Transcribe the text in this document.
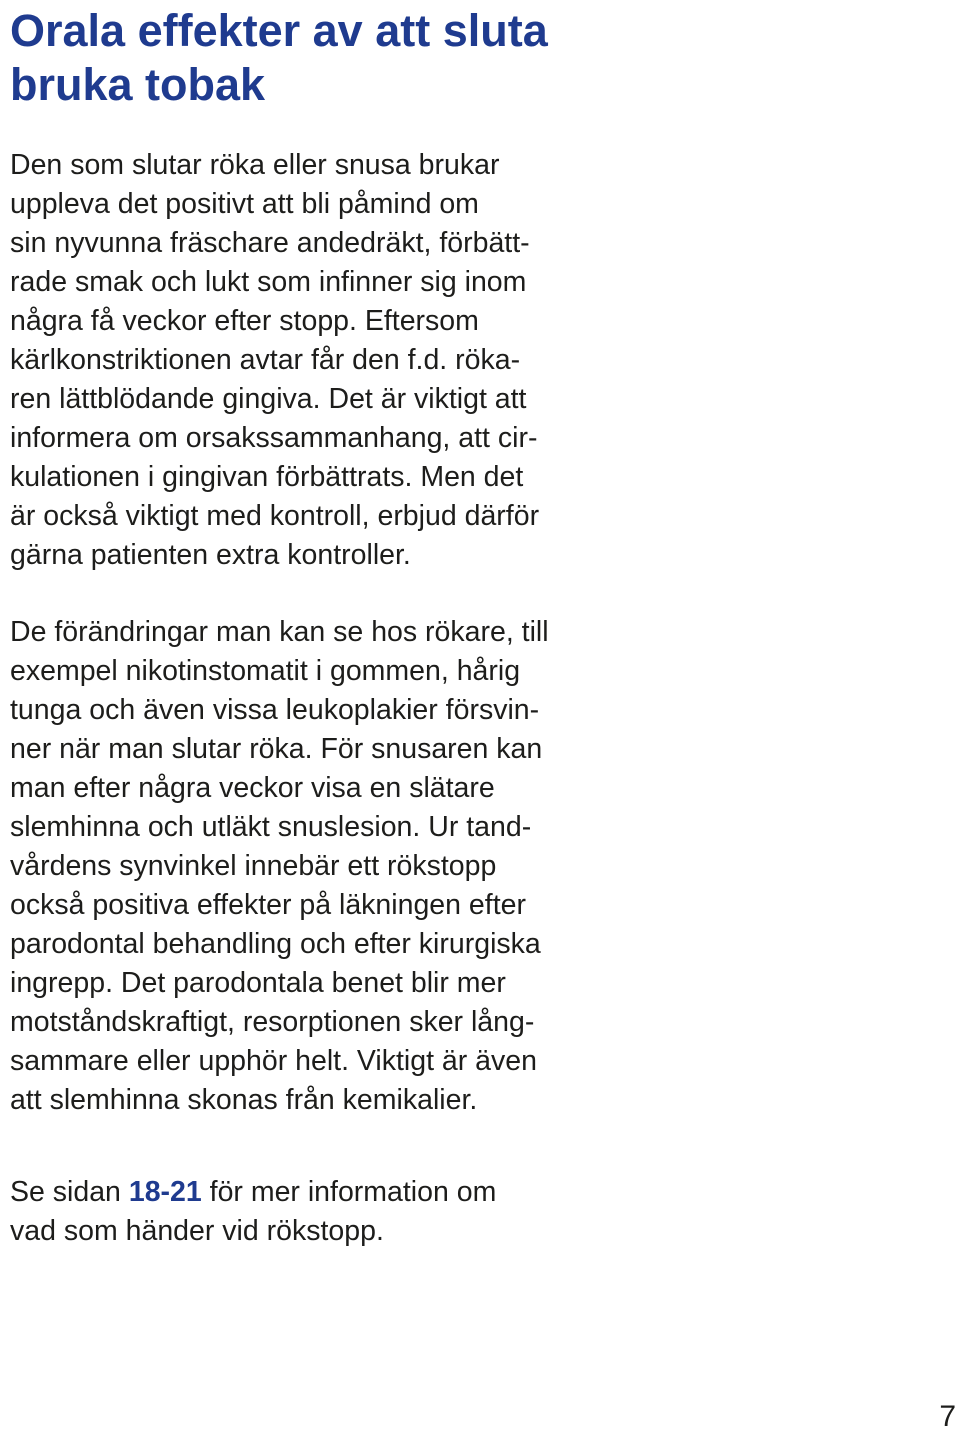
Orala effekter av att sluta
bruka tobak

Den som slutar röka eller snusa brukar
uppleva det positivt att bli påmind om
sin nyvunna fräschare andedräkt, förbätt-
rade smak och lukt som infinner sig inom
några få veckor efter stopp. Eftersom
kärlkonstriktionen avtar får den f.d. röka-
ren lättblödande gingiva. Det är viktigt att
informera om orsakssammanhang, att cir-
kulationen i gingivan förbättrats. Men det
är också viktigt med kontroll, erbjud därför
gärna patienten extra kontroller.

De förändringar man kan se hos rökare, till
exempel nikotinstomatit i gommen, hårig
tunga och även vissa leukoplakier försvin-
ner när man slutar röka. För snusaren kan
man efter några veckor visa en slätare
slemhinna och utläkt snuslesion. Ur tand-
vårdens synvinkel innebär ett rökstopp
också positiva effekter på läkningen efter
parodontal behandling och efter kirurgiska
ingrepp. Det parodontala benet blir mer
motståndskraftigt, resorptionen sker lång-
sammare eller upphör helt. Viktigt är även
att slemhinna skonas från kemikalier.

Se sidan 18-21 för mer information om
vad som händer vid rökstopp.

7
